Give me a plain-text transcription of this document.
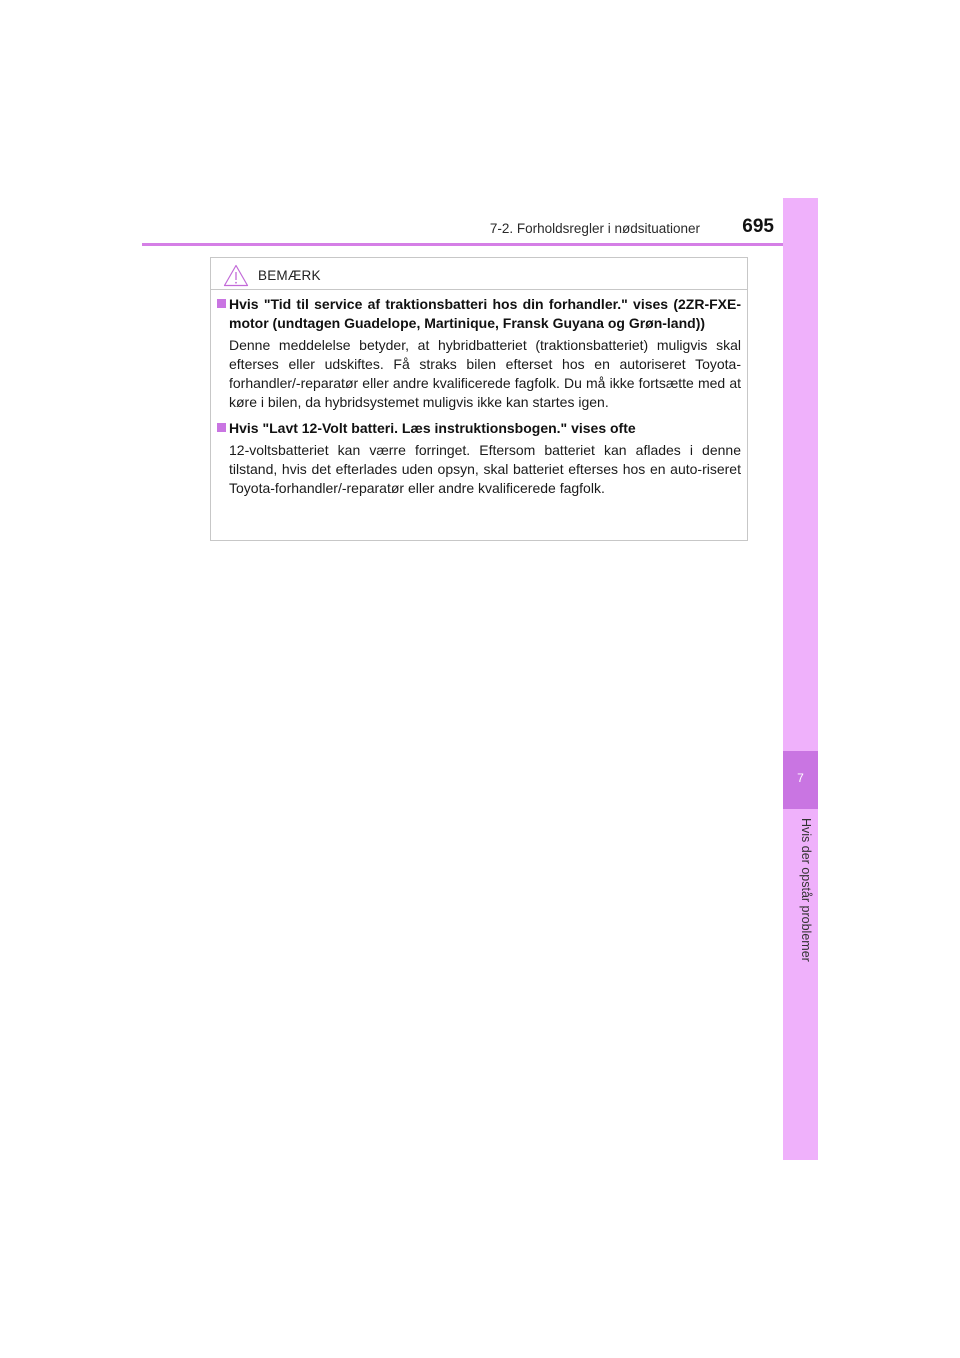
7-2. Forholdsregler i nødsituationer	695
7
Hvis der opstår problemer
BEMÆRK
Hvis "Tid til service af traktionsbatteri hos din forhandler." vises (2ZR-FXE-motor (undtagen Guadelope, Martinique, Fransk Guyana og Grøn-land))
Denne meddelelse betyder, at hybridbatteriet (traktionsbatteriet) muligvis skal efterses eller udskiftes. Få straks bilen efterset hos en autoriseret Toyota-forhandler/-reparatør eller andre kvalificerede fagfolk. Du må ikke fortsætte med at køre i bilen, da hybridsystemet muligvis ikke kan startes igen.
Hvis "Lavt 12-Volt batteri. Læs instruktionsbogen." vises ofte
12-voltsbatteriet kan værre forringet. Eftersom batteriet kan aflades i denne tilstand, hvis det efterlades uden opsyn, skal batteriet efterses hos en auto-riseret Toyota-forhandler/-reparatør eller andre kvalificerede fagfolk.
